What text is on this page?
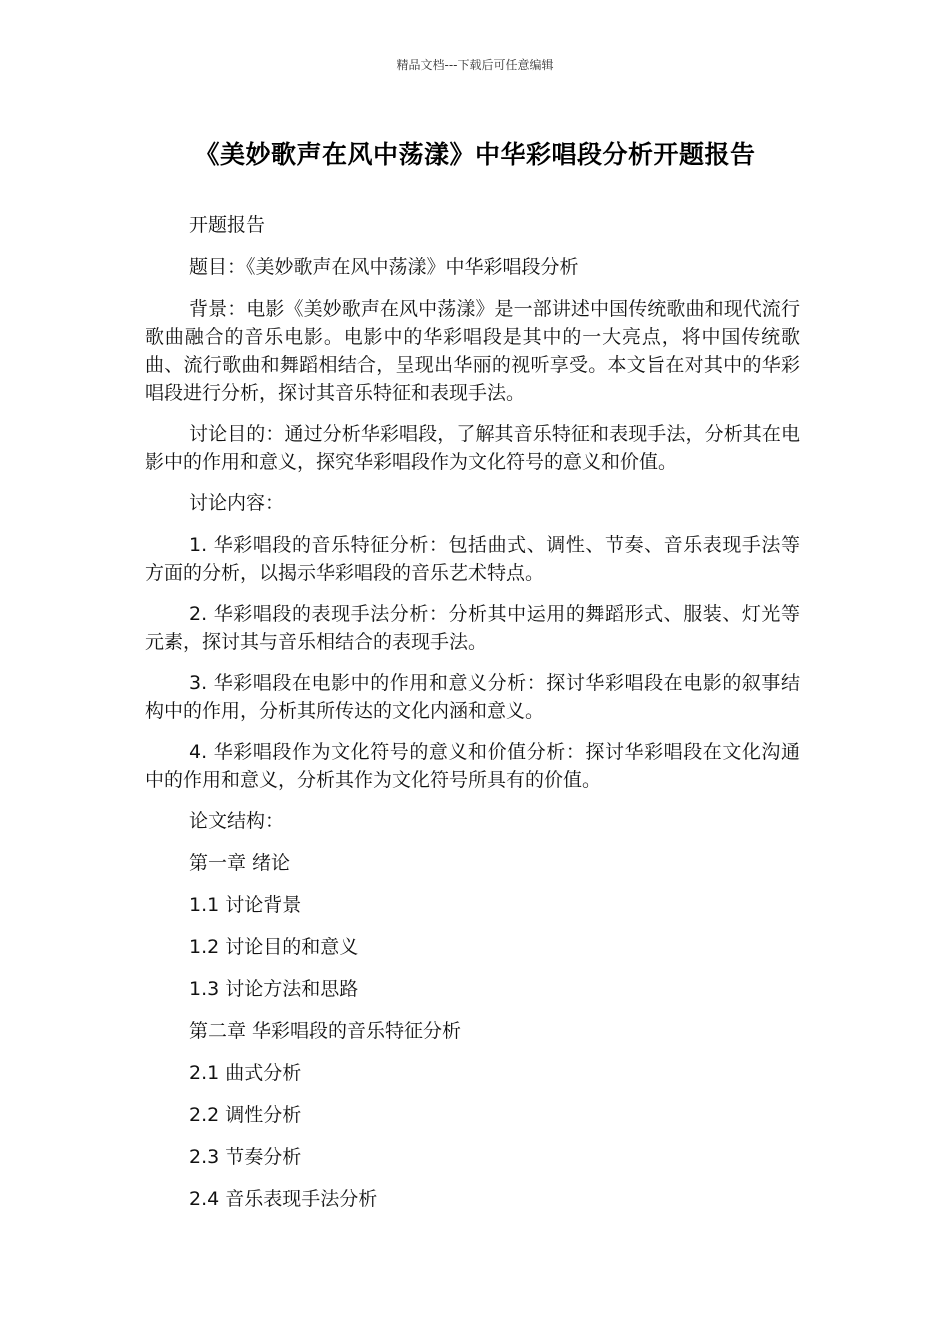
精品文档---下载后可任意编辑
《美妙歌声在风中荡漾》中华彩唱段分析开题报告

开题报告

题目：《美妙歌声在风中荡漾》中华彩唱段分析

背景：电影《美妙歌声在风中荡漾》是一部讲述中国传统歌曲和现代流行歌曲融合的音乐电影。电影中的华彩唱段是其中的一大亮点，将中国传统歌曲、流行歌曲和舞蹈相结合，呈现出华丽的视听享受。本文旨在对其中的华彩唱段进行分析，探讨其音乐特征和表现手法。

讨论目的：通过分析华彩唱段，了解其音乐特征和表现手法，分析其在电影中的作用和意义，探究华彩唱段作为文化符号的意义和价值。

讨论内容：

1. 华彩唱段的音乐特征分析：包括曲式、调性、节奏、音乐表现手法等方面的分析，以揭示华彩唱段的音乐艺术特点。

2. 华彩唱段的表现手法分析：分析其中运用的舞蹈形式、服装、灯光等元素，探讨其与音乐相结合的表现手法。

3. 华彩唱段在电影中的作用和意义分析：探讨华彩唱段在电影的叙事结构中的作用，分析其所传达的文化内涵和意义。

4. 华彩唱段作为文化符号的意义和价值分析：探讨华彩唱段在文化沟通中的作用和意义，分析其作为文化符号所具有的价值。

论文结构：

第一章 绪论

1.1 讨论背景

1.2 讨论目的和意义

1.3 讨论方法和思路

第二章 华彩唱段的音乐特征分析

2.1 曲式分析

2.2 调性分析

2.3 节奏分析

2.4 音乐表现手法分析
